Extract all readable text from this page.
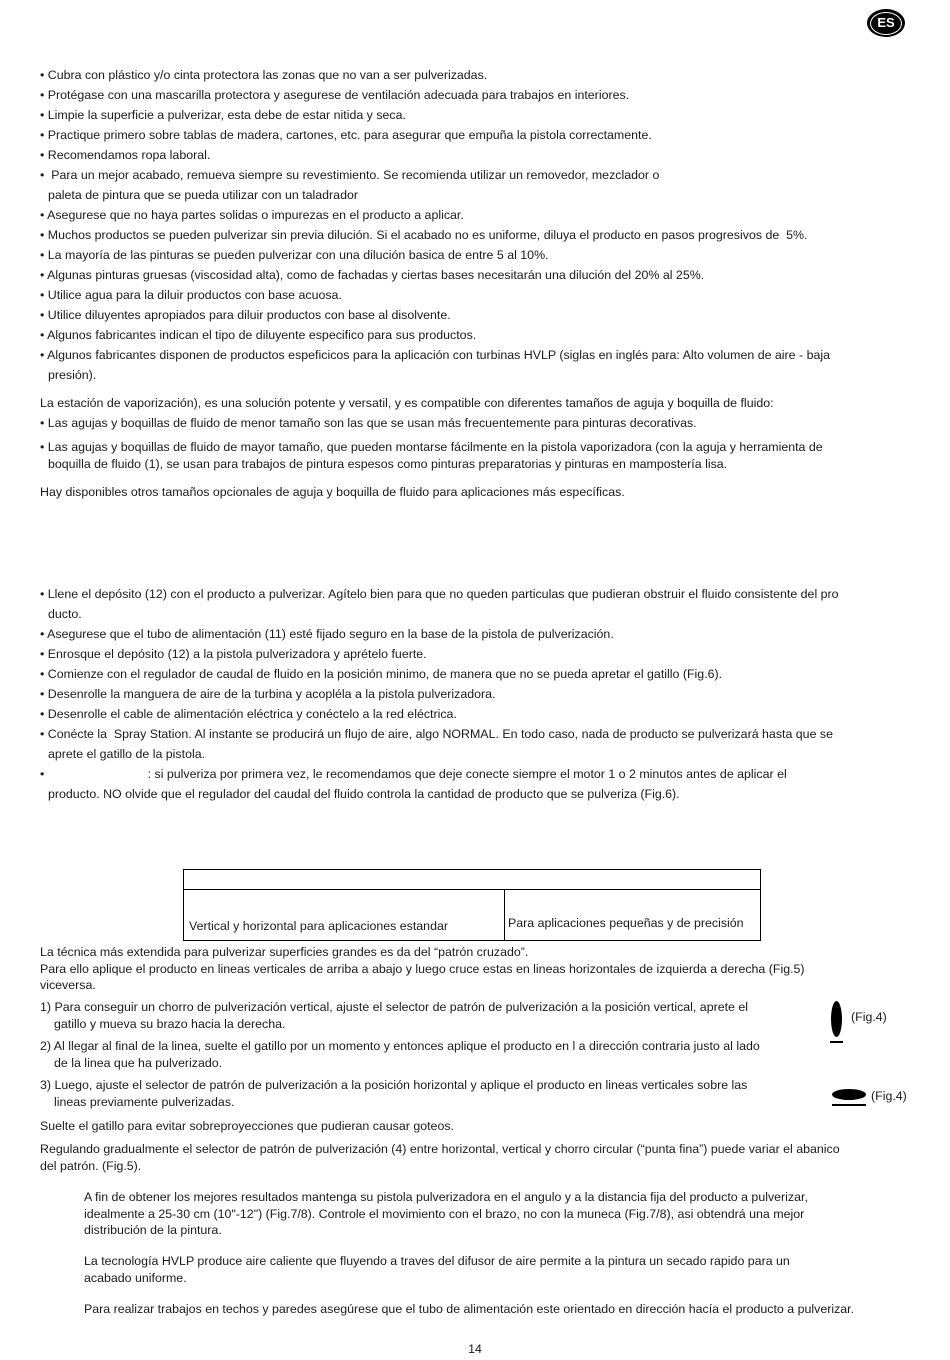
ES
• Cubra con plástico y/o cinta protectora las zonas que no van a ser pulverizadas.
• Protégase con una mascarilla protectora y asegurese de ventilación adecuada para trabajos en interiores.
• Limpie la superficie a pulverizar, esta debe de estar nitida y seca.
• Practique primero sobre tablas de madera, cartones, etc. para asegurar que empuña la pistola correctamente.
• Recomendamos ropa laboral.
•  Para un mejor acabado, remueva siempre su revestimiento. Se recomienda utilizar un removedor, mezclador o
paleta de pintura que se pueda utilizar con un taladrador
• Asegurese que no haya partes solidas o impurezas en el producto a aplicar.
• Muchos productos se pueden pulverizar sin previa dilución. Si el acabado no es uniforme, diluya el producto en pasos progresivos de  5%.
• La mayoría de las pinturas se pueden pulverizar con una dilución basica de entre 5 al 10%.
• Algunas pinturas gruesas (viscosidad alta), como de fachadas y ciertas bases necesitarán una dilución del 20% al 25%.
• Utilice agua para la diluir productos con base acuosa.
• Utilice diluyentes apropiados para diluir productos con base al disolvente.
• Algunos fabricantes indican el tipo de diluyente especifico para sus productos.
• Algunos fabricantes disponen de productos espeficicos para la aplicación con turbinas HVLP (siglas en inglés para: Alto volumen de aire - baja
presión).
La estación de vaporización), es una solución potente y versatil, y es compatible con diferentes tamaños de aguja y boquilla de fluido:
• Las agujas y boquillas de fluido de menor tamaño son las que se usan más frecuentemente para pinturas decorativas.
• Las agujas y boquillas de fluido de mayor tamaño, que pueden montarse fácilmente en la pistola vaporizadora (con la aguja y herramienta de
boquilla de fluido (1), se usan para trabajos de pintura espesos como pinturas preparatorias y pinturas en mampostería lisa.
Hay disponibles otros tamaños opcionales de aguja y boquilla de fluido para aplicaciones más específicas.
• Llene el depósito (12) con el producto a pulverizar. Agítelo bien para que no queden particulas que pudieran obstruir el fluido consistente del pro
ducto.
• Asegurese que el tubo de alimentación (11) esté fijado seguro en la base de la pistola de pulverización.
• Enrosque el depósito (12) a la pistola pulverizadora y aprételo fuerte.
• Comienze con el regulador de caudal de fluido en la posición minimo, de manera que no se pueda apretar el gatillo (Fig.6).
• Desenrolle la manguera de aire de la turbina y acopléla a la pistola pulverizadora.
• Desenrolle el cable de alimentación eléctrica y conéctelo a la red eléctrica.
• Conécte la  Spray Station. Al instante se producirá un flujo de aire, algo NORMAL. En todo caso, nada de producto se pulverizará hasta que se
aprete el gatillo de la pistola.
•                              : si pulveriza por primera vez, le recomendamos que deje conecte siempre el motor 1 o 2 minutos antes de aplicar el
producto. NO olvide que el regulador del caudal del fluido controla la cantidad de producto que se pulveriza (Fig.6).
Vertical y horizontal para aplicaciones estandar	Para aplicaciones pequeñas y de precisión
La técnica más extendida para pulverizar superficies grandes es da del “patrón cruzado”.
Para ello aplique el producto en lineas verticales de arriba a abajo y luego cruce estas en lineas horizontales de izquierda a derecha (Fig.5)
viceversa.
1) Para conseguir un chorro de pulverización vertical, ajuste el selector de patrón de pulverización a la posición vertical, aprete el
gatillo y mueva su brazo hacia la derecha.
2) Al llegar al final de la linea, suelte el gatillo por un momento y entonces aplique el producto en l a dirección contraria justo al lado
de la linea que ha pulverizado.
3) Luego, ajuste el selector de patrón de pulverización a la posición horizontal y aplique el producto en lineas verticales sobre las
lineas previamente pulverizadas.
(Fig.4)
(Fig.4)
Suelte el gatillo para evitar sobreproyecciones que pudieran causar goteos.
Regulando gradualmente el selector de patrón de pulverización (4) entre horizontal, vertical y chorro circular (“punta fina”) puede variar el abanico
del patrón. (Fig.5).
A fin de obtener los mejores resultados mantenga su pistola pulverizadora en el angulo y a la distancia fija del producto a pulverizar,
idealmente a 25-30 cm (10"-12") (Fig.7/8). Controle el movimiento con el brazo, no con la muneca (Fig.7/8), asi obtendrá una mejor
distribución de la pintura.
La tecnología HVLP produce aire caliente que fluyendo a traves del difusor de aire permite a la pintura un secado rapido para un
acabado uniforme.
Para realizar trabajos en techos y paredes asegúrese que el tubo de alimentación este orientado en dirección hacía el producto a pulverizar.
14
